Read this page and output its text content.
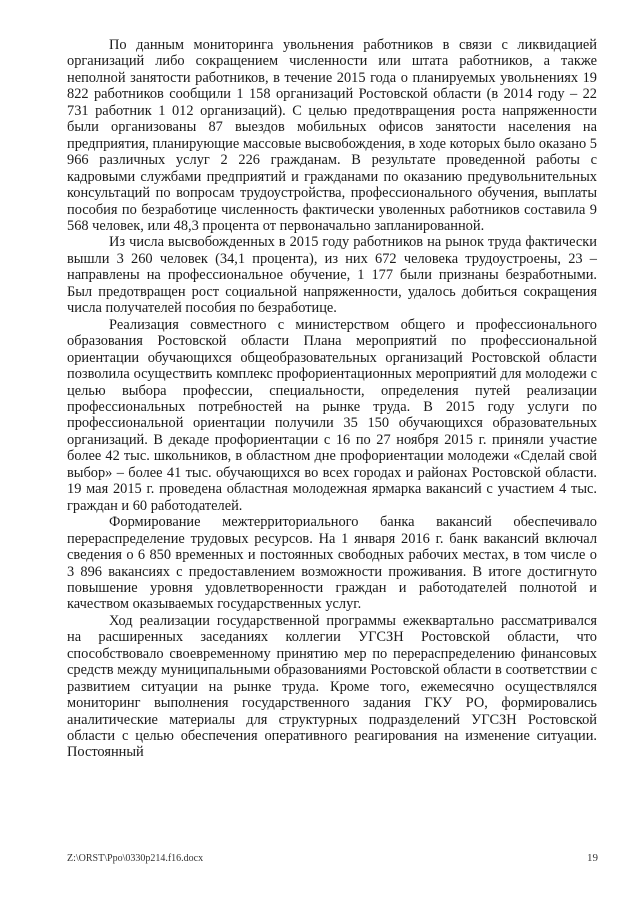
По данным мониторинга увольнения работников в связи с ликвидацией организаций либо сокращением численности или штата работников, а также неполной занятости работников, в течение 2015 года о планируемых увольнениях 19 822 работников сообщили 1 158 организаций Ростовской области (в 2014 году – 22 731 работник 1 012 организаций). С целью предотвращения роста напряженности были организованы 87 выездов мобильных офисов занятости населения на предприятия, планирующие массовые высвобождения, в ходе которых было оказано 5 966 различных услуг 2 226 гражданам. В результате проведенной работы с кадровыми службами предприятий и гражданами по оказанию предувольнительных консультаций по вопросам трудоустройства, профессионального обучения, выплаты пособия по безработице численность фактически уволенных работников составила 9 568 человек, или 48,3 процента от первоначально запланированной.

Из числа высвобожденных в 2015 году работников на рынок труда фактически вышли 3 260 человек (34,1 процента), из них 672 человека трудоустроены, 23 – направлены на профессиональное обучение, 1 177 были признаны безработными. Был предотвращен рост социальной напряженности, удалось добиться сокращения числа получателей пособия по безработице.

Реализация совместного с министерством общего и профессионального образования Ростовской области Плана мероприятий по профессиональной ориентации обучающихся общеобразовательных организаций Ростовской области позволила осуществить комплекс профориентационных мероприятий для молодежи с целью выбора профессии, специальности, определения путей реализации профессиональных потребностей на рынке труда. В 2015 году услуги по профессиональной ориентации получили 35 150 обучающихся образовательных организаций. В декаде профориентации с 16 по 27 ноября 2015 г. приняли участие более 42 тыс. школьников, в областном дне профориентации молодежи «Сделай свой выбор» – более 41 тыс. обучающихся во всех городах и районах Ростовской области. 19 мая 2015 г. проведена областная молодежная ярмарка вакансий с участием 4 тыс. граждан и 60 работодателей.

Формирование межтерриториального банка вакансий обеспечивало перераспределение трудовых ресурсов. На 1 января 2016 г. банк вакансий включал сведения о 6 850 временных и постоянных свободных рабочих местах, в том числе о 3 896 вакансиях с предоставлением возможности проживания. В итоге достигнуто повышение уровня удовлетворенности граждан и работодателей полнотой и качеством оказываемых государственных услуг.

Ход реализации государственной программы ежеквартально рассматривался на расширенных заседаниях коллегии УГСЗН Ростовской области, что способствовало своевременному принятию мер по перераспределению финансовых средств между муниципальными образованиями Ростовской области в соответствии с развитием ситуации на рынке труда. Кроме того, ежемесячно осуществлялся мониторинг выполнения государственного задания ГКУ РО, формировались аналитические материалы для структурных подразделений УГСЗН Ростовской области с целью обеспечения оперативного реагирования на изменение ситуации. Постоянный

Z:\ORST\Ppo\0330p214.f16.docx	19
